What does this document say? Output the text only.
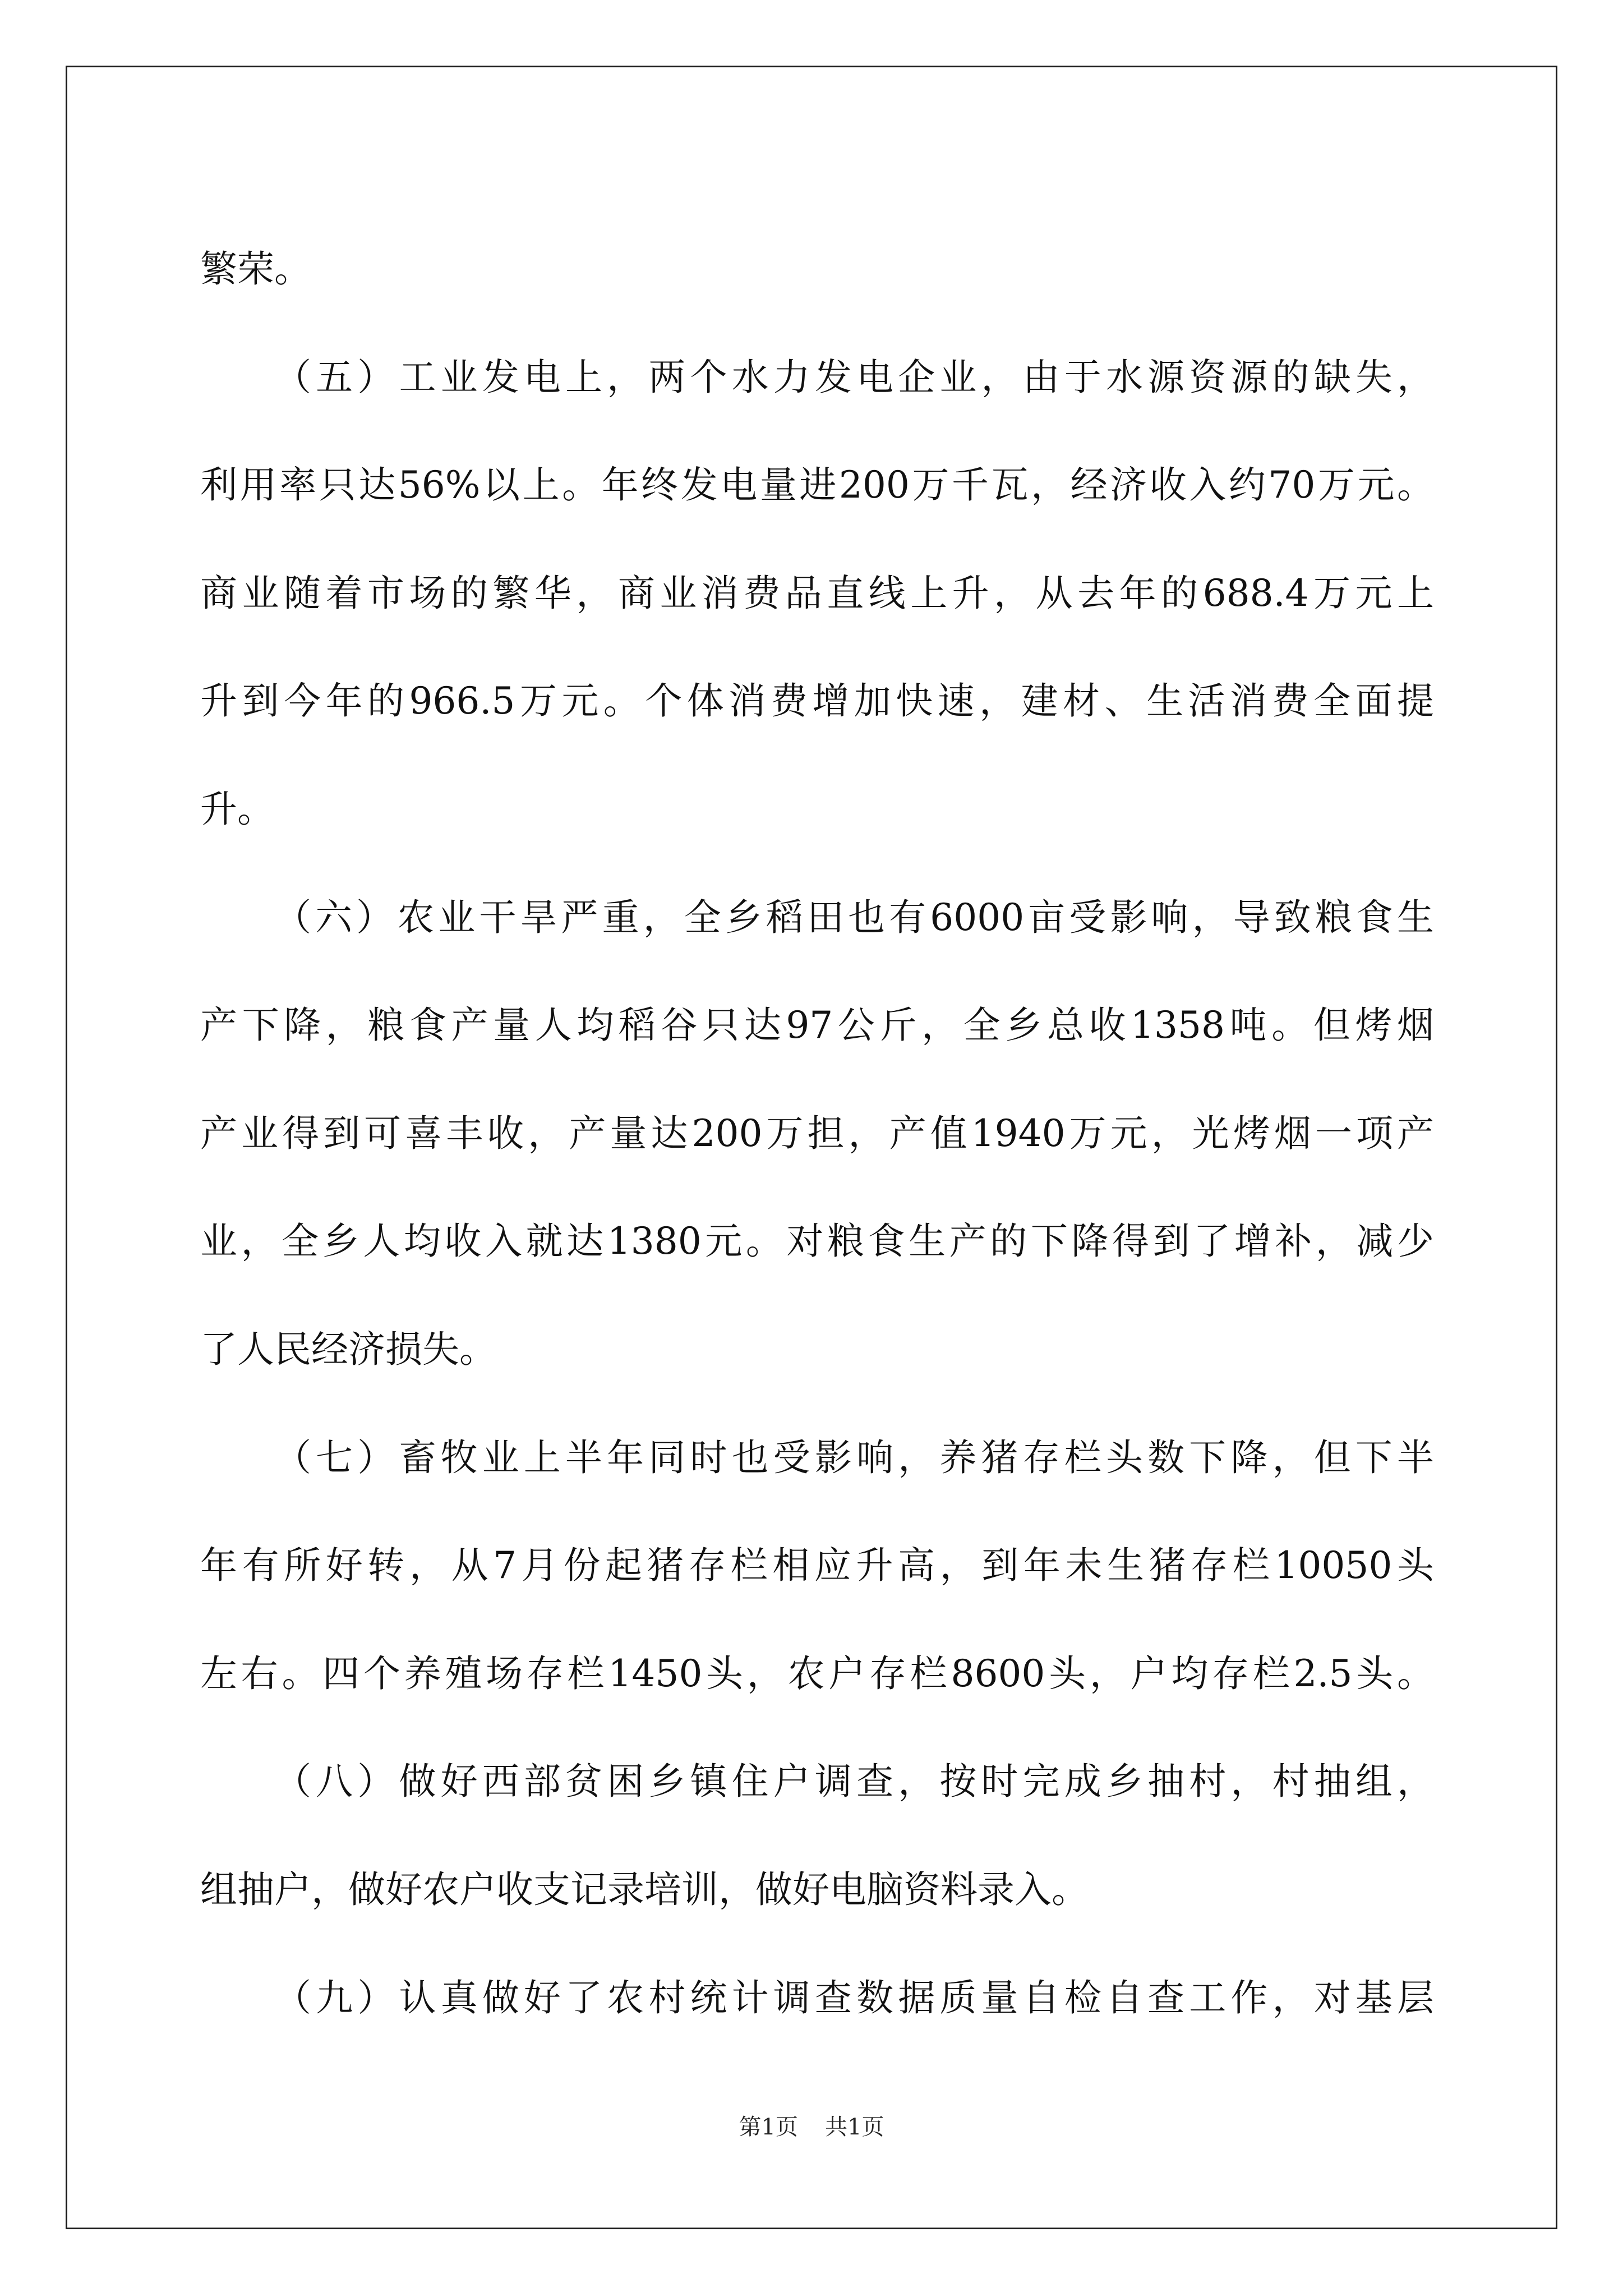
繁荣。
（五）工业发电上，两个水力发电企业，由于水源资源的缺失，
利用率只达56%以上。年终发电量进200万千瓦，经济收入约70万元。
商业随着市场的繁华，商业消费品直线上升，从去年的688.4万元上
升到今年的966.5万元。个体消费增加快速，建材、生活消费全面提
升。
（六）农业干旱严重，全乡稻田也有6000亩受影响，导致粮食生
产下降，粮食产量人均稻谷只达97公斤，全乡总收1358吨。但烤烟
产业得到可喜丰收，产量达200万担，产值1940万元，光烤烟一项产
业，全乡人均收入就达1380元。对粮食生产的下降得到了增补，减少
了人民经济损失。
（七）畜牧业上半年同时也受影响，养猪存栏头数下降，但下半
年有所好转，从7月份起猪存栏相应升高，到年未生猪存栏10050头
左右。四个养殖场存栏1450头，农户存栏8600头，户均存栏2.5头。
（八）做好西部贫困乡镇住户调查，按时完成乡抽村，村抽组，
组抽户，做好农户收支记录培训，做好电脑资料录入。
（九）认真做好了农村统计调查数据质量自检自查工作，对基层
第1页 共1页
